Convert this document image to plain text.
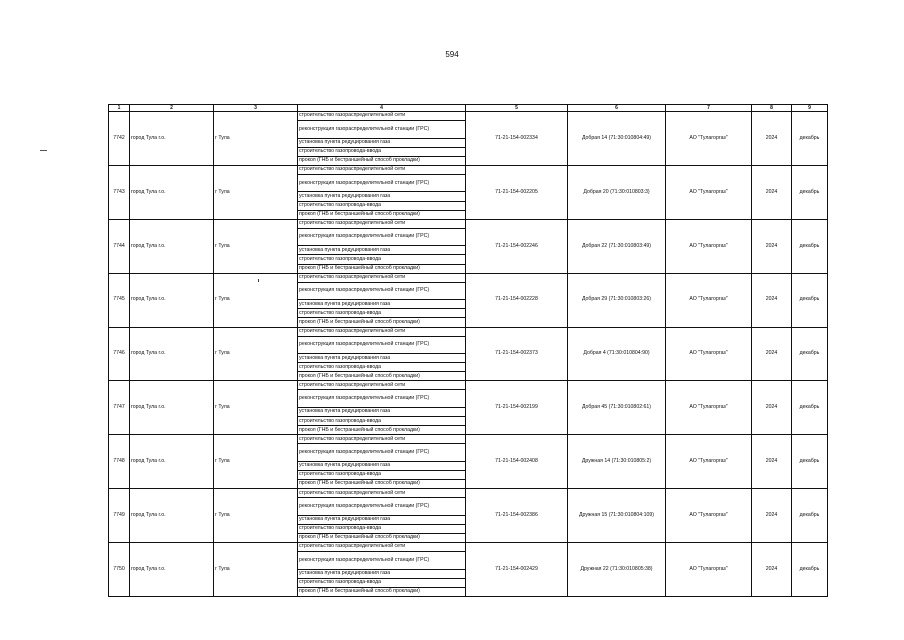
594
1	2	3	4	5	6	7	8	9
7742	город Тула г.о.	г Тула	строительство газораспределительной сети	71-21-154-002334	Добрая 14 (71:30:010804:49)	АО "Тулагоргаз"	2024	декабрь
			реконструкция газораспределительной станции (ГРС)					
			установка пункта редуцирования газа					
			строительство газопровода-ввода					
			прокол (ГНБ и бестраншейный способ прокладки)					
7743	город Тула г.о.	г Тула	строительство газораспределительной сети	71-21-154-002205	Добрая 20 (71:30:010803:3)	АО "Тулагоргаз"	2024	декабрь
			реконструкция газораспределительной станции (ГРС)					
			установка пункта редуцирования газа					
			строительство газопровода-ввода					
			прокол (ГНБ и бестраншейный способ прокладки)					
7744	город Тула г.о.	г Тула	строительство газораспределительной сети	71-21-154-002246	Добрая 22 (71:30:010803:49)	АО "Тулагоргаз"	2024	декабрь
			реконструкция газораспределительной станции (ГРС)					
			установка пункта редуцирования газа					
			строительство газопровода-ввода					
			прокол (ГНБ и бестраншейный способ прокладки)					
7745	город Тула г.о.	г Тула	строительство газораспределительной сети	71-21-154-002228	Добрая 29 (71:30:010803:26)	АО "Тулагоргаз"	2024	декабрь
			реконструкция газораспределительной станции (ГРС)					
			установка пункта редуцирования газа					
			строительство газопровода-ввода					
			прокол (ГНБ и бестраншейный способ прокладки)					
7746	город Тула г.о.	г Тула	строительство газораспределительной сети	71-21-154-002373	Добрая 4 (71:30:010804:90)	АО "Тулагоргаз"	2024	декабрь
			реконструкция газораспределительной станции (ГРС)					
			установка пункта редуцирования газа					
			строительство газопровода-ввода					
			прокол (ГНБ и бестраншейный способ прокладки)					
7747	город Тула г.о.	г Тула	строительство газораспределительной сети	71-21-154-002199	Добрая 45 (71:30:010802:61)	АО "Тулагоргаз"	2024	декабрь
			реконструкция газораспределительной станции (ГРС)					
			установка пункта редуцирования газа					
			строительство газопровода-ввода					
			прокол (ГНБ и бестраншейный способ прокладки)					
7748	город Тула г.о.	г Тула	строительство газораспределительной сети	71-21-154-002408	Дружная 14 (71:30:010805:2)	АО "Тулагоргаз"	2024	декабрь
			реконструкция газораспределительной станции (ГРС)					
			установка пункта редуцирования газа					
			строительство газопровода-ввода					
			прокол (ГНБ и бестраншейный способ прокладки)					
7749	город Тула г.о.	г Тула	строительство газораспределительной сети	71-21-154-002386	Дружная 15 (71:30:010804:109)	АО "Тулагоргаз"	2024	декабрь
			реконструкция газораспределительной станции (ГРС)					
			установка пункта редуцирования газа					
			строительство газопровода-ввода					
			прокол (ГНБ и бестраншейный способ прокладки)					
7750	город Тула г.о.	г Тула	строительство газораспределительной сети	71-21-154-002429	Дружная 22 (71:30:010805:38)	АО "Тулагоргаз"	2024	декабрь
			реконструкция газораспределительной станции (ГРС)					
			установка пункта редуцирования газа					
			строительство газопровода-ввода					
			прокол (ГНБ и бестраншейный способ прокладки)					
